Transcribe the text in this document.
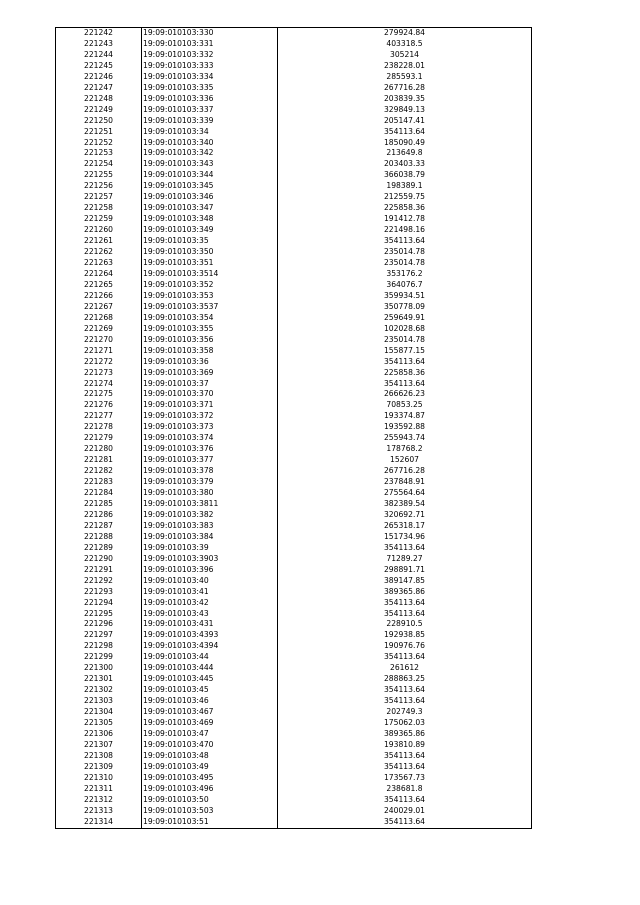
221242	19:09:010103:330	279924.84
221243	19:09:010103:331	403318.5
221244	19:09:010103:332	305214
221245	19:09:010103:333	238228.01
221246	19:09:010103:334	285593.1
221247	19:09:010103:335	267716.28
221248	19:09:010103:336	203839.35
221249	19:09:010103:337	329849.13
221250	19:09:010103:339	205147.41
221251	19:09:010103:34	354113.64
221252	19:09:010103:340	185090.49
221253	19:09:010103:342	213649.8
221254	19:09:010103:343	203403.33
221255	19:09:010103:344	366038.79
221256	19:09:010103:345	198389.1
221257	19:09:010103:346	212559.75
221258	19:09:010103:347	225858.36
221259	19:09:010103:348	191412.78
221260	19:09:010103:349	221498.16
221261	19:09:010103:35	354113.64
221262	19:09:010103:350	235014.78
221263	19:09:010103:351	235014.78
221264	19:09:010103:3514	353176.2
221265	19:09:010103:352	364076.7
221266	19:09:010103:353	359934.51
221267	19:09:010103:3537	350778.09
221268	19:09:010103:354	259649.91
221269	19:09:010103:355	102028.68
221270	19:09:010103:356	235014.78
221271	19:09:010103:358	155877.15
221272	19:09:010103:36	354113.64
221273	19:09:010103:369	225858.36
221274	19:09:010103:37	354113.64
221275	19:09:010103:370	266626.23
221276	19:09:010103:371	70853.25
221277	19:09:010103:372	193374.87
221278	19:09:010103:373	193592.88
221279	19:09:010103:374	255943.74
221280	19:09:010103:376	178768.2
221281	19:09:010103:377	152607
221282	19:09:010103:378	267716.28
221283	19:09:010103:379	237848.91
221284	19:09:010103:380	275564.64
221285	19:09:010103:3811	382389.54
221286	19:09:010103:382	320692.71
221287	19:09:010103:383	265318.17
221288	19:09:010103:384	151734.96
221289	19:09:010103:39	354113.64
221290	19:09:010103:3903	71289.27
221291	19:09:010103:396	298891.71
221292	19:09:010103:40	389147.85
221293	19:09:010103:41	389365.86
221294	19:09:010103:42	354113.64
221295	19:09:010103:43	354113.64
221296	19:09:010103:431	228910.5
221297	19:09:010103:4393	192938.85
221298	19:09:010103:4394	190976.76
221299	19:09:010103:44	354113.64
221300	19:09:010103:444	261612
221301	19:09:010103:445	288863.25
221302	19:09:010103:45	354113.64
221303	19:09:010103:46	354113.64
221304	19:09:010103:467	202749.3
221305	19:09:010103:469	175062.03
221306	19:09:010103:47	389365.86
221307	19:09:010103:470	193810.89
221308	19:09:010103:48	354113.64
221309	19:09:010103:49	354113.64
221310	19:09:010103:495	173567.73
221311	19:09:010103:496	238681.8
221312	19:09:010103:50	354113.64
221313	19:09:010103:503	240029.01
221314	19:09:010103:51	354113.64
